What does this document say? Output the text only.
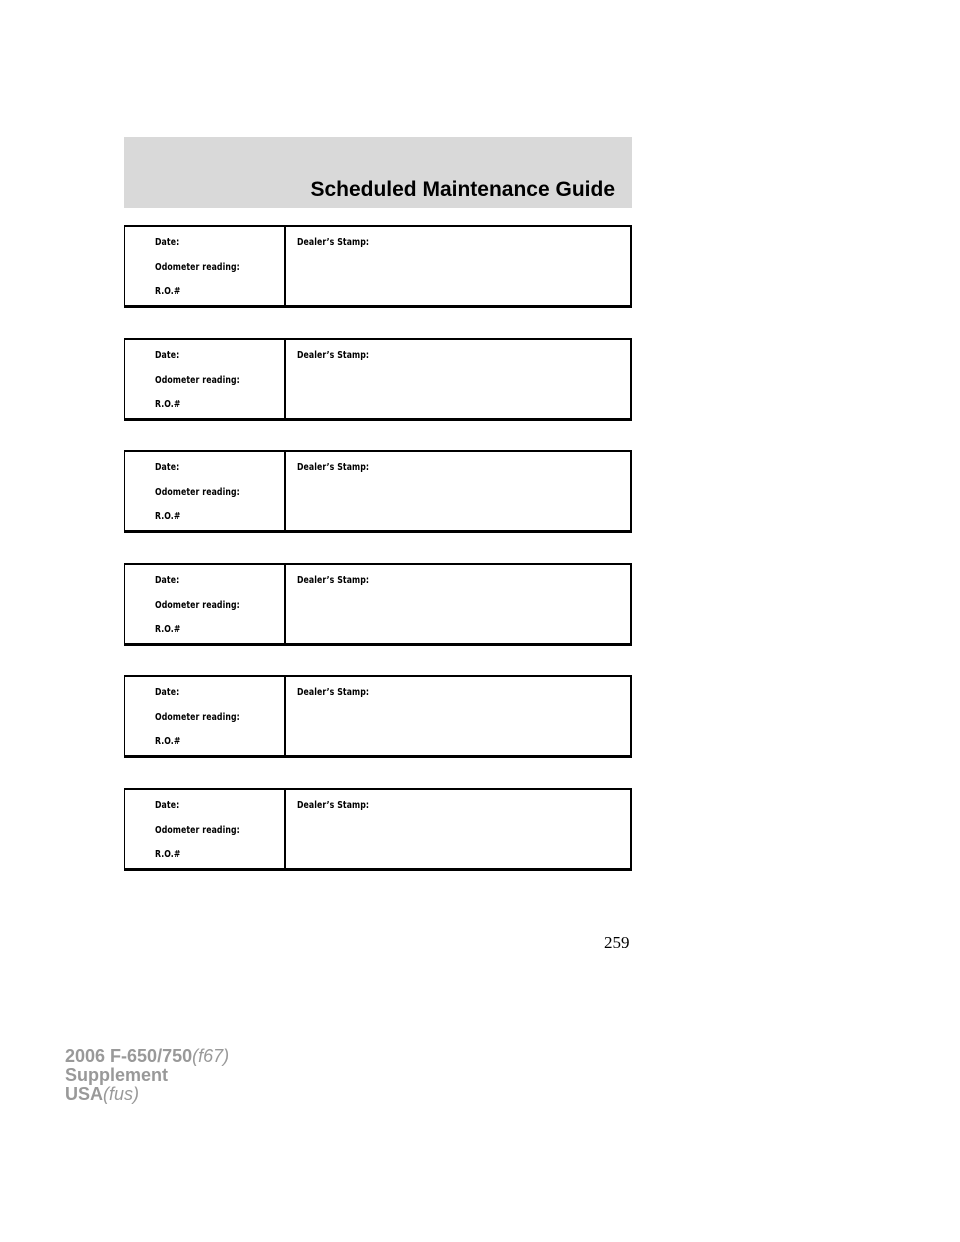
Scheduled Maintenance Guide
Date:
Odometer reading:
R.O.#
Dealer’s Stamp:
Date:
Odometer reading:
R.O.#
Dealer’s Stamp:
Date:
Odometer reading:
R.O.#
Dealer’s Stamp:
Date:
Odometer reading:
R.O.#
Dealer’s Stamp:
Date:
Odometer reading:
R.O.#
Dealer’s Stamp:
Date:
Odometer reading:
R.O.#
Dealer’s Stamp:
259
2006 F-650/750(f67)
Supplement
USA(fus)
